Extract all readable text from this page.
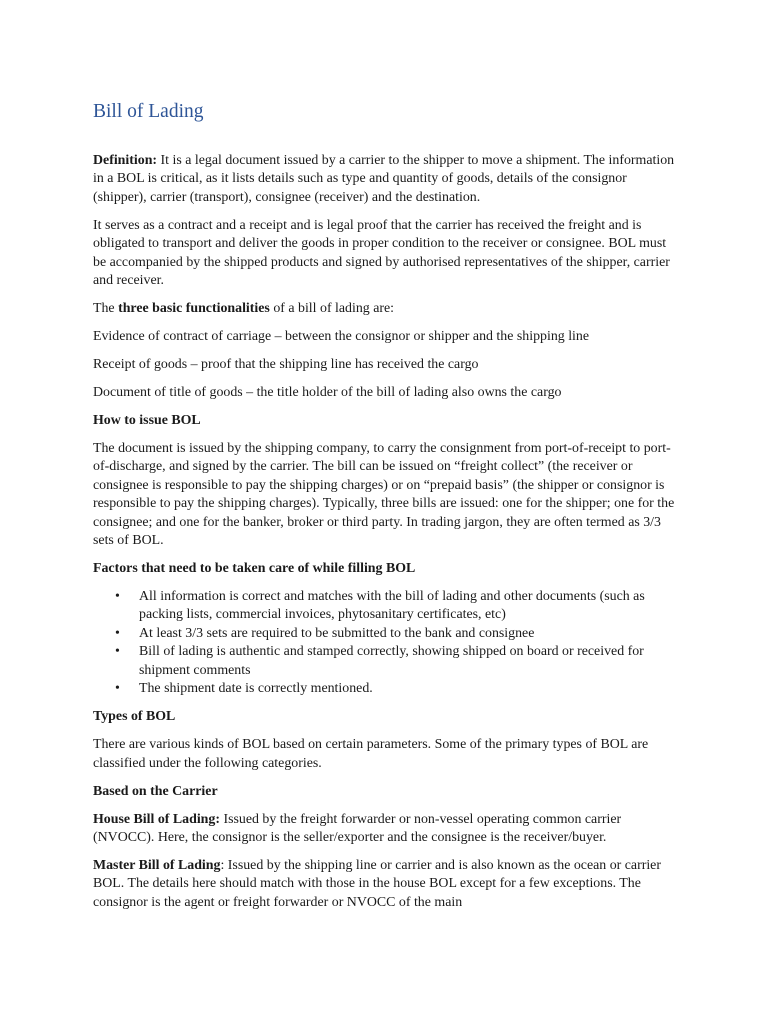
Bill of Lading

Definition: It is a legal document issued by a carrier to the shipper to move a shipment. The information in a BOL is critical, as it lists details such as type and quantity of goods, details of the consignor (shipper), carrier (transport), consignee (receiver) and the destination.

It serves as a contract and a receipt and is legal proof that the carrier has received the freight and is obligated to transport and deliver the goods in proper condition to the receiver or consignee. BOL must be accompanied by the shipped products and signed by authorised representatives of the shipper, carrier and receiver.

The three basic functionalities of a bill of lading are:

Evidence of contract of carriage – between the consignor or shipper and the shipping line

Receipt of goods – proof that the shipping line has received the cargo

Document of title of goods – the title holder of the bill of lading also owns the cargo

How to issue BOL

The document is issued by the shipping company, to carry the consignment from port-of-receipt to port-of-discharge, and signed by the carrier. The bill can be issued on “freight collect” (the receiver or consignee is responsible to pay the shipping charges) or on “prepaid basis” (the shipper or consignor is responsible to pay the shipping charges). Typically, three bills are issued: one for the shipper; one for the consignee; and one for the banker, broker or third party. In trading jargon, they are often termed as 3/3 sets of BOL.

Factors that need to be taken care of while filling BOL

• All information is correct and matches with the bill of lading and other documents (such as packing lists, commercial invoices, phytosanitary certificates, etc)
• At least 3/3 sets are required to be submitted to the bank and consignee
• Bill of lading is authentic and stamped correctly, showing shipped on board or received for shipment comments
• The shipment date is correctly mentioned.

Types of BOL

There are various kinds of BOL based on certain parameters. Some of the primary types of BOL are classified under the following categories.

Based on the Carrier

House Bill of Lading: Issued by the freight forwarder or non-vessel operating common carrier (NVOCC). Here, the consignor is the seller/exporter and the consignee is the receiver/buyer.

Master Bill of Lading: Issued by the shipping line or carrier and is also known as the ocean or carrier BOL. The details here should match with those in the house BOL except for a few exceptions. The consignor is the agent or freight forwarder or NVOCC of the main
